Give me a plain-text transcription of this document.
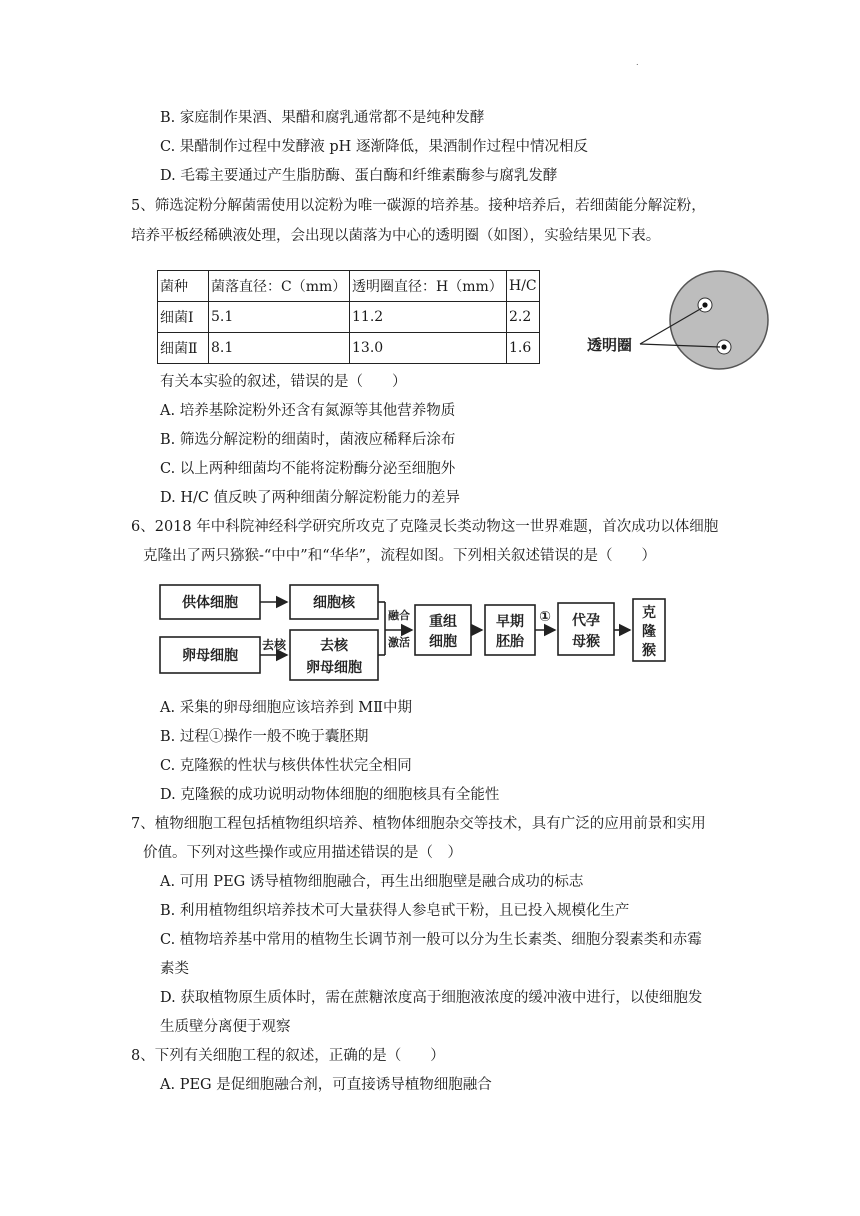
.
B. 家庭制作果酒、果醋和腐乳通常都不是纯种发酵
C. 果醋制作过程中发酵液 pH 逐渐降低，果酒制作过程中情况相反
D. 毛霉主要通过产生脂肪酶、蛋白酶和纤维素酶参与腐乳发酵
5、筛选淀粉分解菌需使用以淀粉为唯一碳源的培养基。接种培养后，若细菌能分解淀粉，
培养平板经稀碘液处理，会出现以菌落为中心的透明圈（如图），实验结果见下表。
菌种	菌落直径：C（mm）	透明圈直径：H（mm）	H/C
细菌Ⅰ	5.1	11.2	2.2
细菌Ⅱ	8.1	13.0	1.6	透明圈
有关本实验的叙述，错误的是（　　）
A. 培养基除淀粉外还含有氮源等其他营养物质
B. 筛选分解淀粉的细菌时，菌液应稀释后涂布
C. 以上两种细菌均不能将淀粉酶分泌至细胞外
D. H/C 值反映了两种细菌分解淀粉能力的差异
6、2018 年中科院神经科学研究所攻克了克隆灵长类动物这一世界难题，首次成功以体细胞
克隆出了两只猕猴-“中中”和“华华”，流程如图。下列相关叙述错误的是（　　）
供体细胞	细胞核
卵母细胞
去核 去核
卵母细胞
融合
激活
重组
细胞
早期
胚胎
① 代孕
母猴
克
隆
猴
A. 采集的卵母细胞应该培养到 MⅡ中期
B. 过程①操作一般不晚于囊胚期
C. 克隆猴的性状与核供体性状完全相同
D. 克隆猴的成功说明动物体细胞的细胞核具有全能性
7、植物细胞工程包括植物组织培养、植物体细胞杂交等技术，具有广泛的应用前景和实用
价值。下列对这些操作或应用描述错误的是（　）
A. 可用 PEG 诱导植物细胞融合，再生出细胞壁是融合成功的标志
B. 利用植物组织培养技术可大量获得人参皂甙干粉，且已投入规模化生产
C. 植物培养基中常用的植物生长调节剂一般可以分为生长素类、细胞分裂素类和赤霉
素类
D. 获取植物原生质体时，需在蔗糖浓度高于细胞液浓度的缓冲液中进行，以使细胞发
生质壁分离便于观察
8、下列有关细胞工程的叙述，正确的是（　　）
A. PEG 是促细胞融合剂，可直接诱导植物细胞融合
